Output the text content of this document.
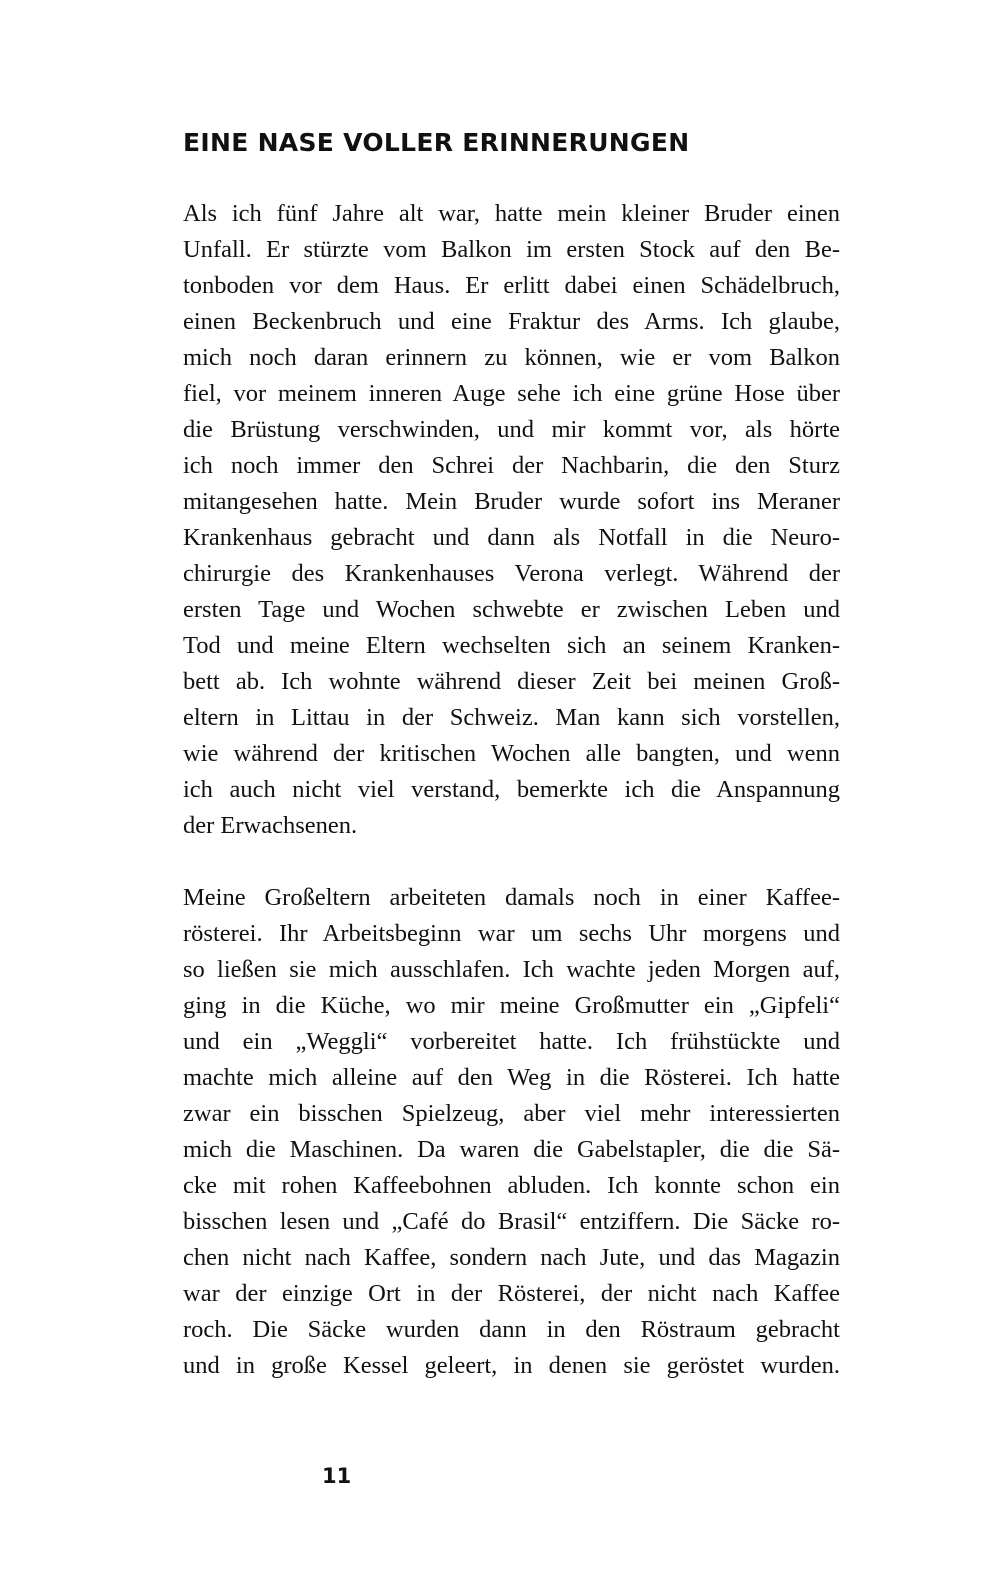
EINE NASE VOLLER ERINNERUNGEN
Als ich fünf Jahre alt war, hatte mein kleiner Bruder einen
Unfall. Er stürzte vom Balkon im ersten Stock auf den Be-
tonboden vor dem Haus. Er erlitt dabei einen Schädelbruch,
einen Beckenbruch und eine Fraktur des Arms. Ich glaube,
mich noch daran erinnern zu können, wie er vom Balkon
fiel, vor meinem inneren Auge sehe ich eine grüne Hose über
die Brüstung verschwinden, und mir kommt vor, als hörte
ich noch immer den Schrei der Nachbarin, die den Sturz
mitangesehen hatte. Mein Bruder wurde sofort ins Meraner
Krankenhaus gebracht und dann als Notfall in die Neuro-
chirurgie des Krankenhauses Verona verlegt. Während der
ersten Tage und Wochen schwebte er zwischen Leben und
Tod und meine Eltern wechselten sich an seinem Kranken-
bett ab. Ich wohnte während dieser Zeit bei meinen Groß-
eltern in Littau in der Schweiz. Man kann sich vorstellen,
wie während der kritischen Wochen alle bangten, und wenn
ich auch nicht viel verstand, bemerkte ich die Anspannung
der Erwachsenen.
Meine Großeltern arbeiteten damals noch in einer Kaffee-
rösterei. Ihr Arbeitsbeginn war um sechs Uhr morgens und
so ließen sie mich ausschlafen. Ich wachte jeden Morgen auf,
ging in die Küche, wo mir meine Großmutter ein „Gipfeli“
und ein „Weggli“ vorbereitet hatte. Ich frühstückte und
machte mich alleine auf den Weg in die Rösterei. Ich hatte
zwar ein bisschen Spielzeug, aber viel mehr interessierten
mich die Maschinen. Da waren die Gabelstapler, die die Sä-
cke mit rohen Kaffeebohnen abluden. Ich konnte schon ein
bisschen lesen und „Café do Brasil“ entziffern. Die Säcke ro-
chen nicht nach Kaffee, sondern nach Jute, und das Magazin
war der einzige Ort in der Rösterei, der nicht nach Kaffee
roch. Die Säcke wurden dann in den Röstraum gebracht
und in große Kessel geleert, in denen sie geröstet wurden.

11
